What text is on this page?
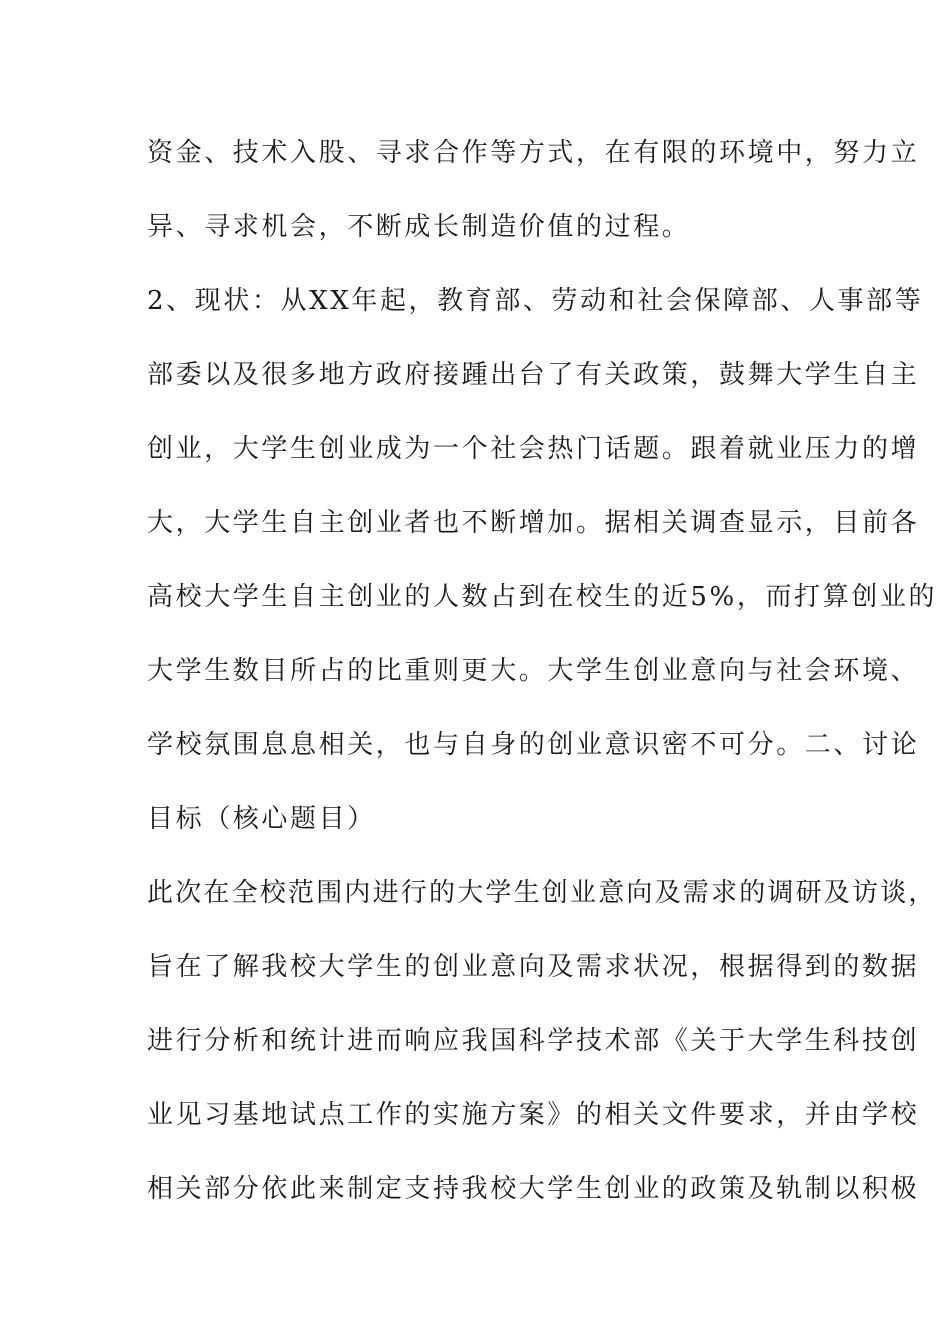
资金、技术入股、寻求合作等方式，在有限的环境中，努力立
异、寻求机会，不断成长制造价值的过程。
2、现状：从XX年起，教育部、劳动和社会保障部、人事部等
部委以及很多地方政府接踵出台了有关政策，鼓舞大学生自主
创业，大学生创业成为一个社会热门话题。跟着就业压力的增
大，大学生自主创业者也不断增加。据相关调查显示，目前各
高校大学生自主创业的人数占到在校生的近5%，而打算创业的
大学生数目所占的比重则更大。大学生创业意向与社会环境、
学校氛围息息相关，也与自身的创业意识密不可分。二、讨论
目标（核心题目）
此次在全校范围内进行的大学生创业意向及需求的调研及访谈，
旨在了解我校大学生的创业意向及需求状况，根据得到的数据
进行分析和统计进而响应我国科学技术部《关于大学生科技创
业见习基地试点工作的实施方案》的相关文件要求，并由学校
相关部分依此来制定支持我校大学生创业的政策及轨制以积极
